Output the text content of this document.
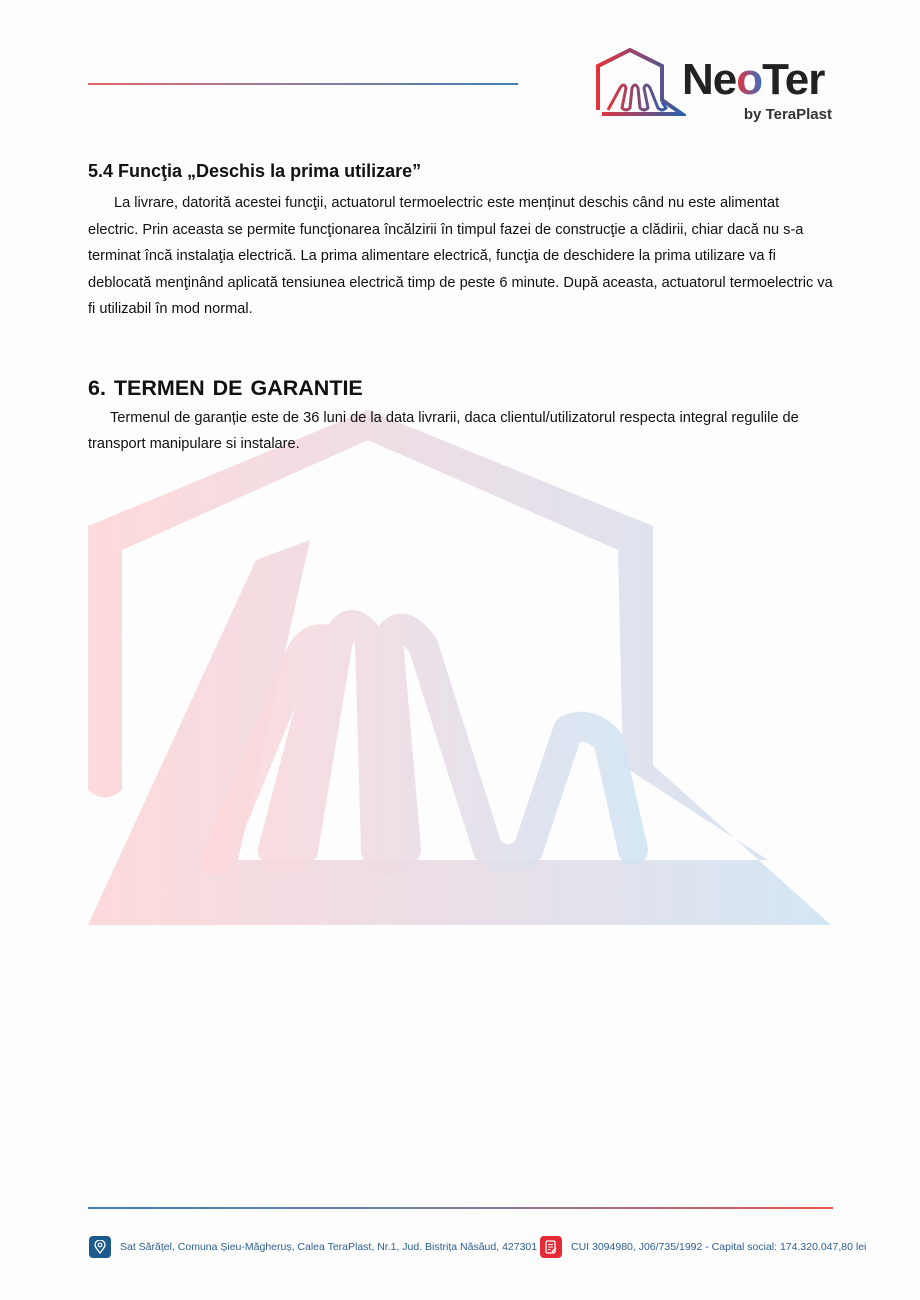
NeoTer
by TeraPlast
5.4 Funcţia „Deschis la prima utilizare”

La livrare, datorită acestei funcţii, actuatorul termoelectric este menținut deschis când nu este alimentat electric. Prin aceasta se permite funcţionarea încălzirii în timpul fazei de construcţie a clădirii, chiar dacă nu s-a terminat încă instalaţia electrică. La prima alimentare electrică, funcţia de deschidere la prima utilizare va fi deblocată menţinând aplicată tensiunea electrică timp de peste 6 minute. După aceasta, actuatorul termoelectric va fi utilizabil în mod normal.

6. TERMEN DE GARANTIE

Termenul de garanție este de 36 luni de la data livrarii, daca clientul/utilizatorul respecta integral regulile de transport manipulare si instalare.

Sat Sărățel, Comuna Șieu-Măgheruș, Calea TeraPlast, Nr.1, Jud. Bistrița Năsăud, 427301	CUI 3094980, J06/735/1992 - Capital social: 174.320.047,80 lei
